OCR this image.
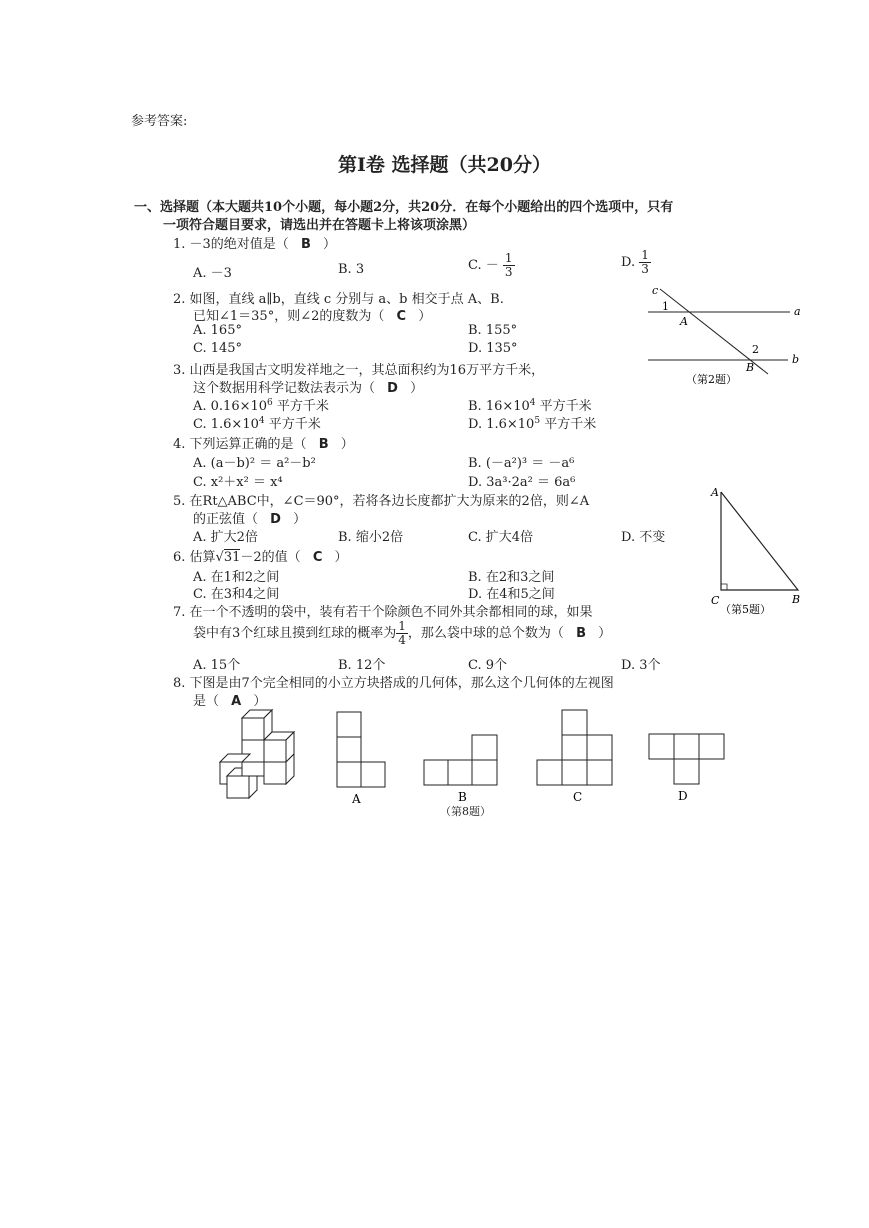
参考答案:
第Ⅰ卷 选择题（共20分）
一、选择题（本大题共10个小题，每小题2分，共20分．在每个小题给出的四个选项中，只有
一项符合题目要求，请选出并在答题卡上将该项涂黑）
1. －3的绝对值是（ B ）
A. －3	B. 3	C. － $\frac{1}{3}$	D. $\frac{1}{3}$
2. 如图，直线 a∥b，直线 c 分别与 a、b 相交于点 A、B.
已知∠1＝35°，则∠2的度数为（ C ）
A. 165°	B. 155°
C. 145°	D. 135°
c
1
A
a
2
B
b
（第2题）
3. 山西是我国古文明发祥地之一，其总面积约为16万平方千米，
这个数据用科学记数法表示为（ D ）
A. $0.16\times 10^6$ 平方千米	B. $16\times 10^4$ 平方千米
C. $1.6\times 10^4$ 平方千米	D. $1.6\times 10^5$ 平方千米
4. 下列运算正确的是（ B ）
A. (a－b)² ＝ a²－b²	B. (－a²)³ ＝ －a⁶
C. x²＋x² ＝ x⁴	D. 3a³·2a² ＝ 6a⁶
5. 在Rt△ABC中，∠C＝90°，若将各边长度都扩大为原来的2倍，则∠A
的正弦值（ D ）
A. 扩大2倍	B. 缩小2倍	C. 扩大4倍	D. 不变
A
C	B
（第5题）
6. 估算√31－2的值（ C ）
A. 在1和2之间	B. 在2和3之间
C. 在3和4之间	D. 在4和5之间
7. 在一个不透明的袋中，装有若干个除颜色不同外其余都相同的球，如果
袋中有3个红球且摸到红球的概率为 $\frac{1}{4}$ ，那么袋中球的总个数为（ B ）
A. 15个	B. 12个	C. 9个	D. 3个
8. 下图是由7个完全相同的小立方块搭成的几何体，那么这个几何体的左视图
是（ A ）
A	B	C	D
（第8题）
